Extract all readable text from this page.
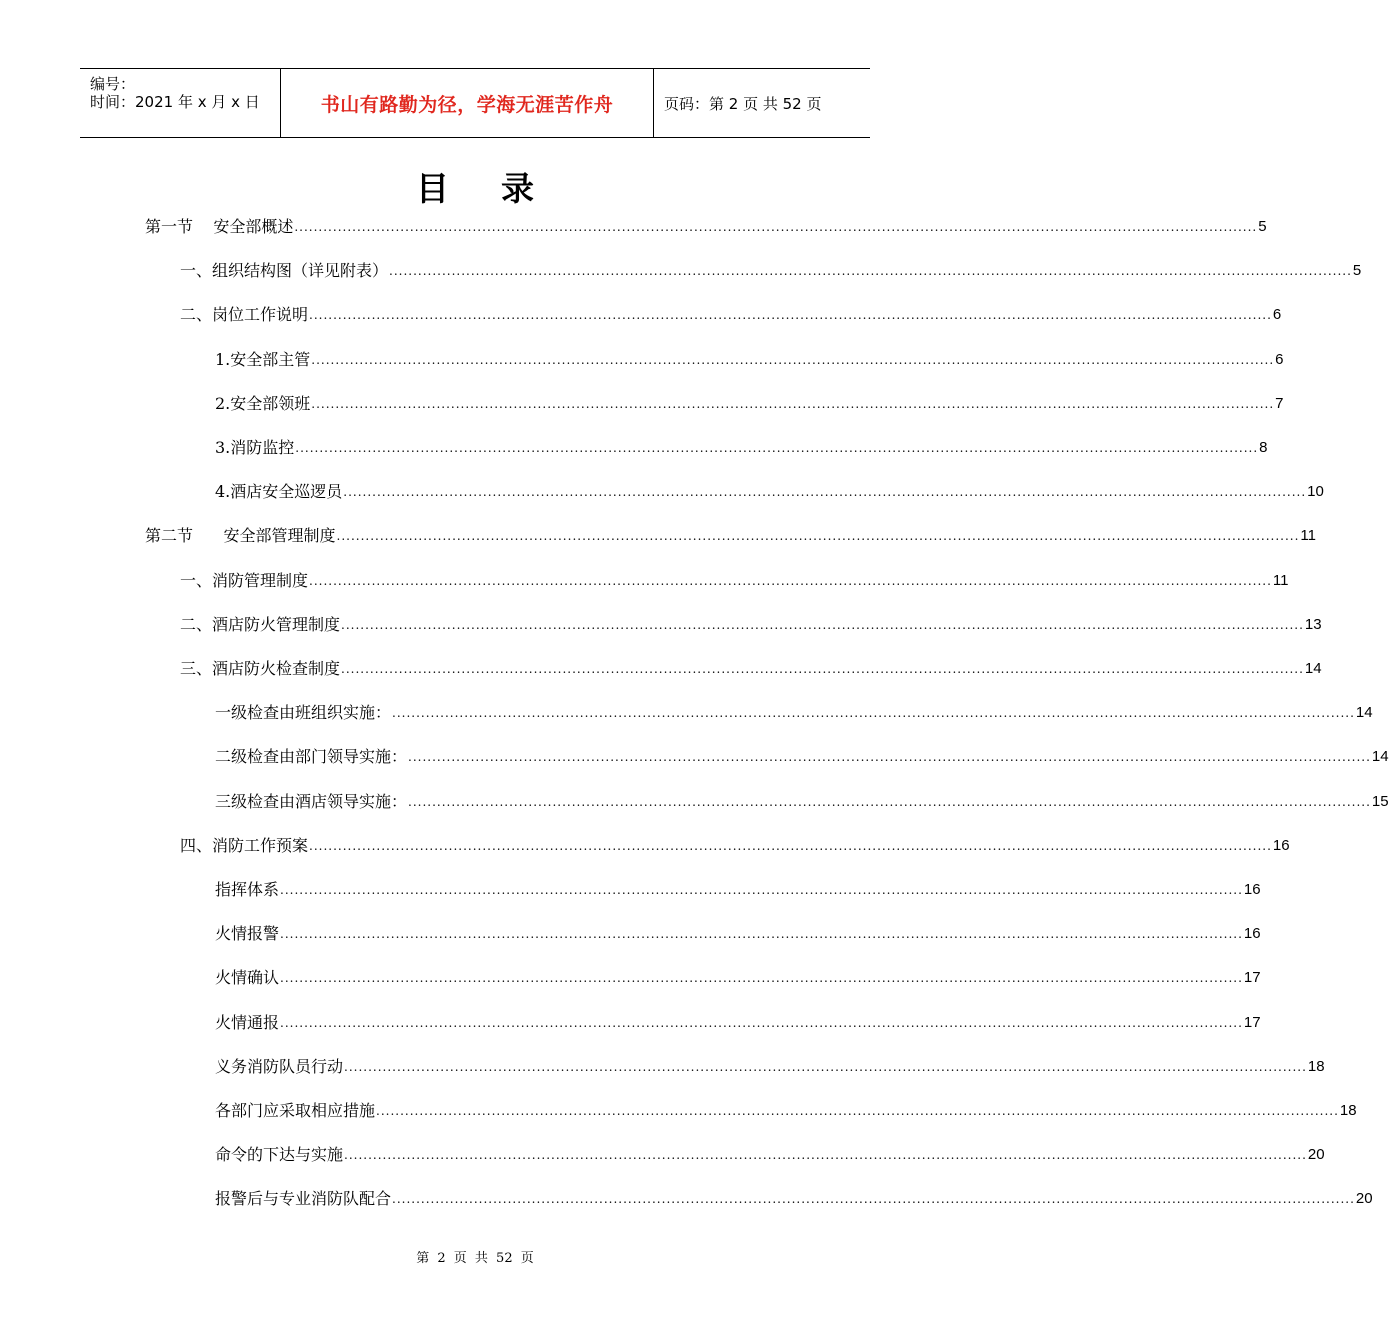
编号：
时间：2021 年 x 月 x 日	书山有路勤为径，学海无涯苦作舟	页码：第 2 页 共 52 页
目录
第一节    安全部概述 ........................................................................................................................................................................................................ 5
一、组织结构图（详见附表） ........................................................................................................................................................................................................ 5
二、岗位工作说明 ........................................................................................................................................................................................................ 6
1.安全部主管 ........................................................................................................................................................................................................ 6
2.安全部领班 ........................................................................................................................................................................................................ 7
3.消防监控 ........................................................................................................................................................................................................ 8
4.酒店安全巡逻员 ........................................................................................................................................................................................................ 10
第二节      安全部管理制度 ........................................................................................................................................................................................................ 11
一、消防管理制度 ........................................................................................................................................................................................................ 11
二、酒店防火管理制度 ........................................................................................................................................................................................................ 13
三、酒店防火检查制度 ........................................................................................................................................................................................................ 14
一级检查由班组织实施： ........................................................................................................................................................................................................ 14
二级检查由部门领导实施： ........................................................................................................................................................................................................ 14
三级检查由酒店领导实施： ........................................................................................................................................................................................................ 15
四、消防工作预案 ........................................................................................................................................................................................................ 16
指挥体系 ........................................................................................................................................................................................................ 16
火情报警 ........................................................................................................................................................................................................ 16
火情确认 ........................................................................................................................................................................................................ 17
火情通报 ........................................................................................................................................................................................................ 17
义务消防队员行动 ........................................................................................................................................................................................................ 18
各部门应采取相应措施 ........................................................................................................................................................................................................ 18
命令的下达与实施 ........................................................................................................................................................................................................ 20
报警后与专业消防队配合 ........................................................................................................................................................................................................ 20
第 2 页 共 52 页
